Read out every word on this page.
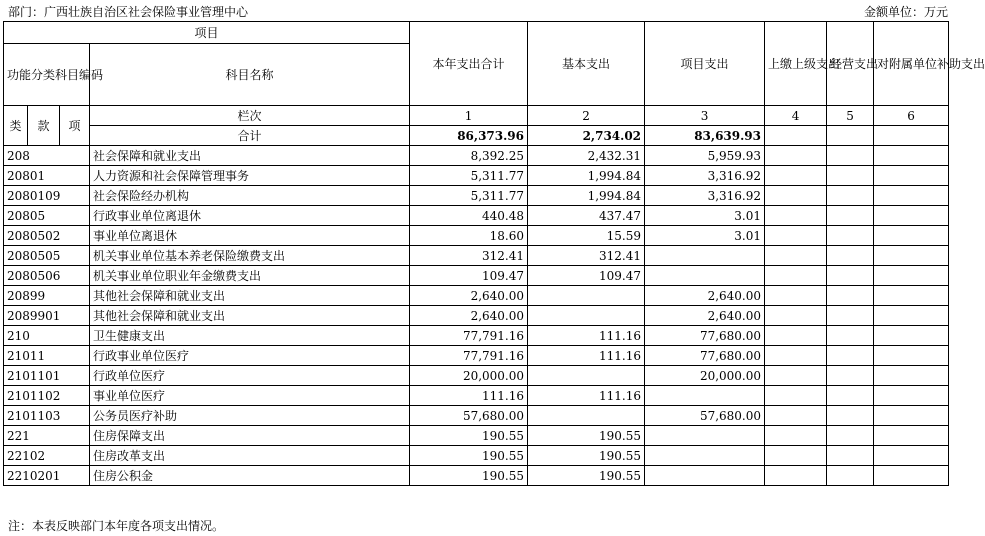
部门：广西壮族自治区社会保险事业管理中心	金额单位：万元
项目				本年支出合计	基本支出	项目支出	上缴上级支出	经营支出	对附属单位补助支出
功能分类科目编码			科目名称						

类	款	项	栏次	1	2	3	4	5	6
			合计	86,373.96	2,734.02	83,639.93			
208			社会保障和就业支出	8,392.25	2,432.31	5,959.93			
20801			人力资源和社会保障管理事务	5,311.77	1,994.84	3,316.92			
2080109			社会保险经办机构	5,311.77	1,994.84	3,316.92			
20805			行政事业单位离退休	440.48	437.47	3.01			
2080502			事业单位离退休	18.60	15.59	3.01			
2080505			机关事业单位基本养老保险缴费支出	312.41	312.41				
2080506			机关事业单位职业年金缴费支出	109.47	109.47				
20899			其他社会保障和就业支出	2,640.00		2,640.00			
2089901			其他社会保障和就业支出	2,640.00		2,640.00			
210			卫生健康支出	77,791.16	111.16	77,680.00			
21011			行政事业单位医疗	77,791.16	111.16	77,680.00			
2101101			行政单位医疗	20,000.00		20,000.00			
2101102			事业单位医疗	111.16	111.16				
2101103			公务员医疗补助	57,680.00		57,680.00			
221			住房保障支出	190.55	190.55				
22102			住房改革支出	190.55	190.55				
2210201			住房公积金	190.55	190.55				
注：本表反映部门本年度各项支出情况。
